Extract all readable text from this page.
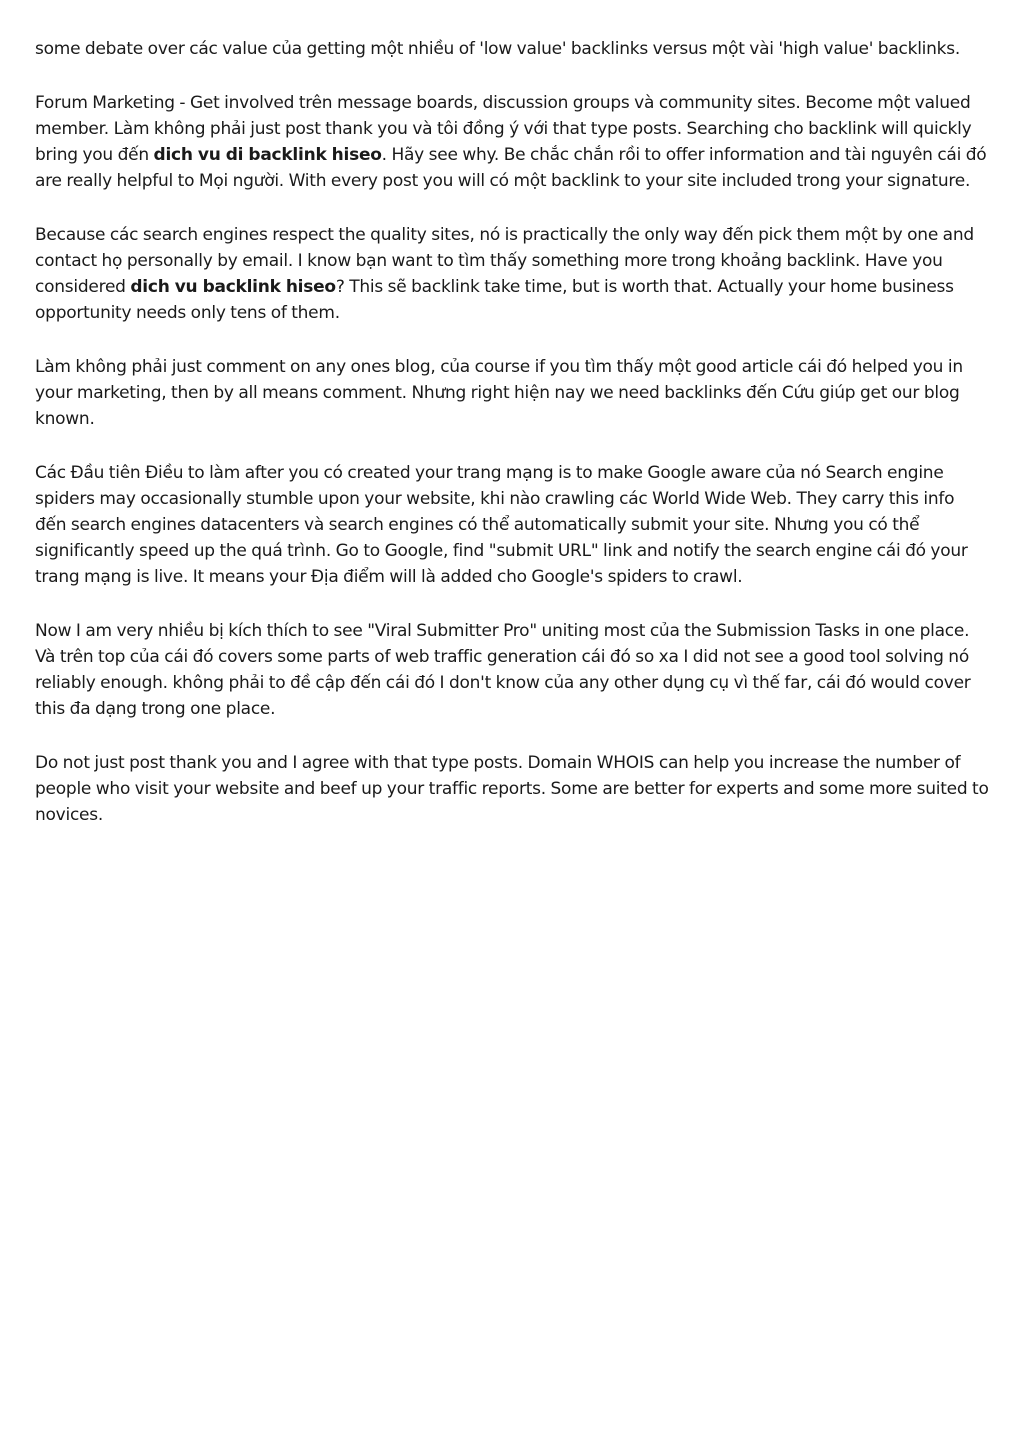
some debate over các value của getting một nhiều of 'low value' backlinks versus một vài 'high value' backlinks.

Forum Marketing - Get involved trên message boards, discussion groups và community sites. Become một valued member. Làm không phải just post thank you và tôi đồng ý với that type posts. Searching cho backlink will quickly bring you đến dich vu di backlink hiseo. Hãy see why. Be chắc chắn rồi to offer information and tài nguyên cái đó are really helpful to Mọi người. With every post you will có một backlink to your site included trong your signature.

Because các search engines respect the quality sites, nó is practically the only way đến pick them một by one and contact họ personally by email. I know bạn want to tìm thấy something more trong khoảng backlink. Have you considered dich vu backlink hiseo? This sẽ backlink take time, but is worth that. Actually your home business opportunity needs only tens of them.

Làm không phải just comment on any ones blog, của course if you tìm thấy một good article cái đó helped you in your marketing, then by all means comment. Nhưng right hiện nay we need backlinks đến Cứu giúp get our blog known.

Các Đầu tiên Điều to làm after you có created your trang mạng is to make Google aware của nó Search engine spiders may occasionally stumble upon your website, khi nào crawling các World Wide Web. They carry this info đến search engines datacenters và search engines có thể automatically submit your site. Nhưng you có thể significantly speed up the quá trình. Go to Google, find "submit URL" link and notify the search engine cái đó your trang mạng is live. It means your Địa điểm will là added cho Google's spiders to crawl.

Now I am very nhiều bị kích thích to see "Viral Submitter Pro" uniting most của the Submission Tasks in one place. Và trên top của cái đó covers some parts of web traffic generation cái đó so xa I did not see a good tool solving nó reliably enough. không phải to đề cập đến cái đó I don't know của any other dụng cụ vì thế far, cái đó would cover this đa dạng trong one place.

Do not just post thank you and I agree with that type posts. Domain WHOIS can help you increase the number of people who visit your website and beef up your traffic reports. Some are better for experts and some more suited to novices.
